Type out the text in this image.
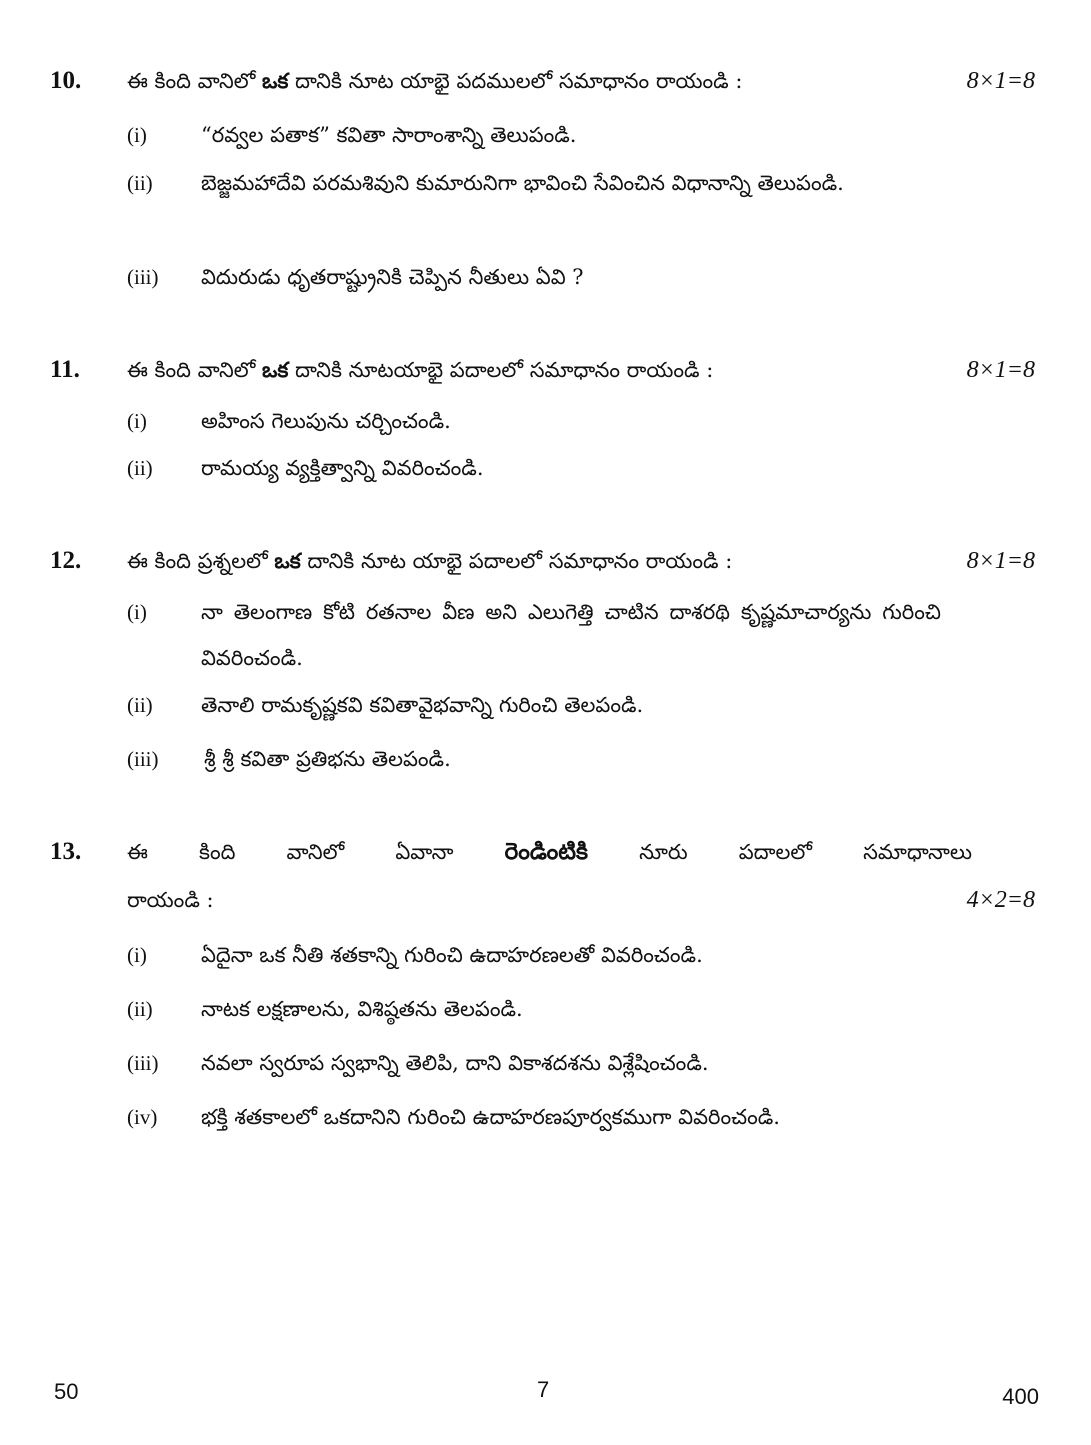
10. ఈ కింది వానిలో ఒక దానికి నూట యాభై పదములలో సమాధానం రాయండి :	8×1=8
(i)	“రవ్వల పతాక” కవితా సారాంశాన్ని తెలుపండి.
(ii) బెజ్జమహాదేవి పరమశివుని కుమారునిగా భావించి సేవించిన విధానాన్ని తెలుపండి.
(iii) విదురుడు ధృతరాష్ట్రునికి చెప్పిన నీతులు ఏవి ?
11. ఈ కింది వానిలో ఒక దానికి నూటయాభై పదాలలో సమాధానం రాయండి :	8×1=8
(i)	అహింస గెలుపును చర్చించండి.
(ii) రామయ్య వ్యక్తిత్వాన్ని వివరించండి.
12. ఈ కింది ప్రశ్నలలో ఒక దానికి నూట యాభై పదాలలో సమాధానం రాయండి :	8×1=8
(i)	నా తెలంగాణ కోటి రతనాల వీణ అని ఎలుగెత్తి చాటిన దాశరథి కృష్ణమాచార్యను గురించి వివరించండి.
(ii) తెనాలి రామకృష్ణకవి కవితావైభవాన్ని గురించి తెలపండి.
(iii) శ్రీ శ్రీ కవితా ప్రతిభను తెలపండి.
13. ఈ కింది వానిలో ఏవానా రెండింటికి నూరు పదాలలో సమాధానాలు
రాయండి :	4×2=8
(i)	ఏదైనా ఒక నీతి శతకాన్ని గురించి ఉదాహరణలతో వివరించండి.
(ii) నాటక లక్షణాలను, విశిష్ఠతను తెలపండి.
(iii) నవలా స్వరూప స్వభాన్ని తెలిపి, దాని వికాశదశను విశ్లేషించండి.
(iv) భక్తి శతకాలలో ఒకదానిని గురించి ఉదాహరణపూర్వకముగా వివరించండి.
50	7	400
